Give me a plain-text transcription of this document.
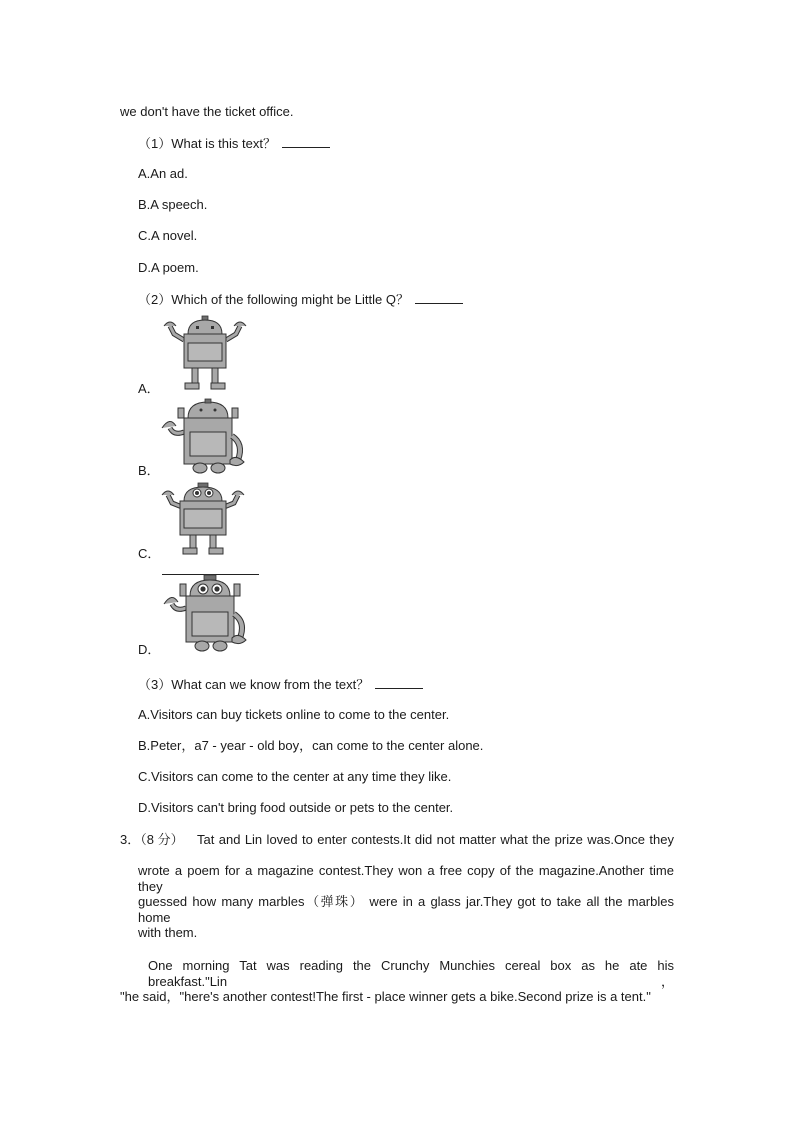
we don't have the ticket office.
（1）What is this text？
A.An ad.
B.A speech.
C.A novel.
D.A poem.
（2）Which of the following might be Little Q？
A．
B．
C．
D．
（3）What can we know from the text？
A.Visitors can buy tickets online to come to the center.
B.Peter，a7 ‑ year ‑ old boy，can come to the center alone.
C.Visitors can come to the center at any time they like.
D.Visitors can't bring food outside or pets to the center.
3．（8 分） Tat and Lin loved to enter contests.It did not matter what the prize was.Once they
wrote a poem for a magazine contest.They won a free copy of the magazine.Another time they
guessed how many marbles（弹珠） were in a glass jar.They got to take all the marbles home
with them.
One morning Tat was reading the Crunchy Munchies cereal box as he ate his breakfast."Lin，
"he said，"here's another contest!The first ‑ place winner gets a bike.Second prize is a tent."
